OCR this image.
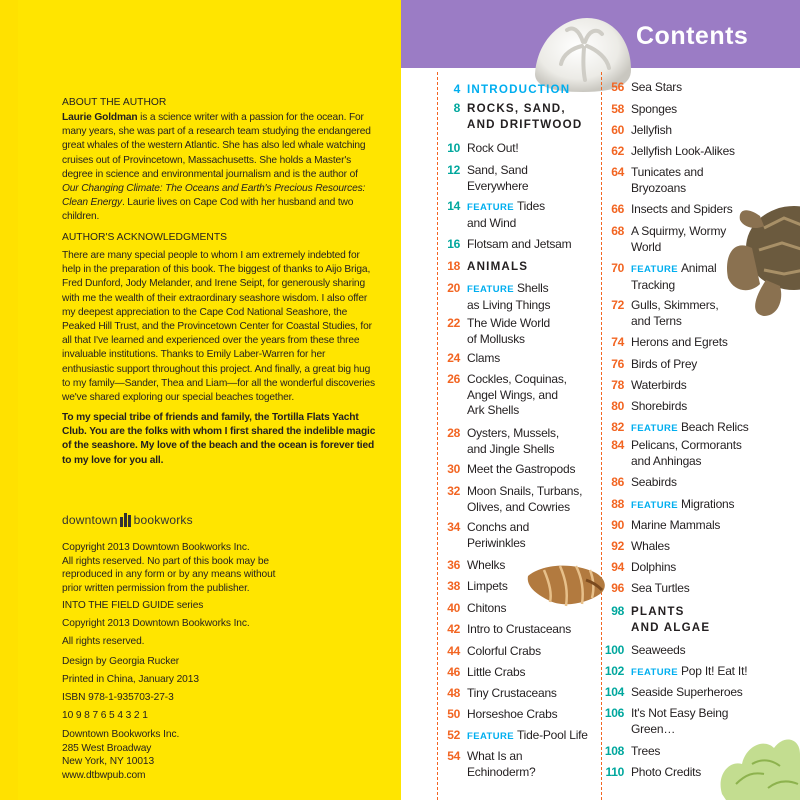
ABOUT THE AUTHOR
Laurie Goldman is a science writer with a passion for the ocean. For many years, she was part of a research team studying the endangered great whales of the western Atlantic. She has also led whale watching cruises out of Provincetown, Massachusetts. She holds a Master's degree in science and environmental journalism and is the author of Our Changing Climate: The Oceans and Earth's Precious Resources: Clean Energy. Laurie lives on Cape Cod with her husband and two children.
AUTHOR'S ACKNOWLEDGMENTS
There are many special people to whom I am extremely indebted for help in the preparation of this book. The biggest of thanks to Aijo Briga, Fred Dunford, Jody Melander, and Irene Seipt, for generously sharing with me the wealth of their extraordinary seashore wisdom. I also offer my deepest appreciation to the Cape Cod National Seashore, the Peaked Hill Trust, and the Provincetown Center for Coastal Studies, for all that I've learned and experienced over the years from these three invaluable institutions. Thanks to Emily Laber-Warren for her enthusiastic support throughout this project. And finally, a great big hug to my family—Sander, Thea and Liam—for all the wonderful discoveries we've shared exploring our special beaches together.
To my special tribe of friends and family, the Tortilla Flats Yacht Club. You are the folks with whom I first shared the indelible magic of the seashore. My love of the beach and the ocean is forever tied to my love for you all.
downtown bookworks
Copyright 2013 Downtown Bookworks Inc.
All rights reserved. No part of this book may be
reproduced in any form or by any means without
prior written permission from the publisher.
INTO THE FIELD GUIDE series
Copyright 2013 Downtown Bookworks Inc.
All rights reserved.
Design by Georgia Rucker
Printed in China, January 2013
ISBN 978-1-935703-27-3
10 9 8 7 6 5 4 3 2 1
Downtown Bookworks Inc.
285 West Broadway
New York, NY 10013
www.dtbwpub.com
Contents
4 INTRODUCTION
8 ROCKS, SAND,
AND DRIFTWOOD
10 Rock Out!
12 Sand, Sand
Everywhere
14 FEATURE Tides
and Wind
16 Flotsam and Jetsam
18 ANIMALS
20 FEATURE Shells
as Living Things
22 The Wide World
of Mollusks
24 Clams
26 Cockles, Coquinas,
Angel Wings, and
Ark Shells
28 Oysters, Mussels,
and Jingle Shells
30 Meet the Gastropods
32 Moon Snails, Turbans,
Olives, and Cowries
34 Conchs and
Periwinkles
36 Whelks
38 Limpets
40 Chitons
42 Intro to Crustaceans
44 Colorful Crabs
46 Little Crabs
48 Tiny Crustaceans
50 Horseshoe Crabs
52 FEATURE Tide-Pool Life
54 What Is an
Echinoderm?
56 Sea Stars
58 Sponges
60 Jellyfish
62 Jellyfish Look-Alikes
64 Tunicates and
Bryozoans
66 Insects and Spiders
68 A Squirmy, Wormy
World
70 FEATURE Animal
Tracking
72 Gulls, Skimmers,
and Terns
74 Herons and Egrets
76 Birds of Prey
78 Waterbirds
80 Shorebirds
82 FEATURE Beach Relics
84 Pelicans, Cormorants
and Anhingas
86 Seabirds
88 FEATURE Migrations
90 Marine Mammals
92 Whales
94 Dolphins
96 Sea Turtles
98 PLANTS
AND ALGAE
100 Seaweeds
102 FEATURE Pop It! Eat It!
104 Seaside Superheroes
106 It's Not Easy Being
Green…
108 Trees
110 Photo Credits
